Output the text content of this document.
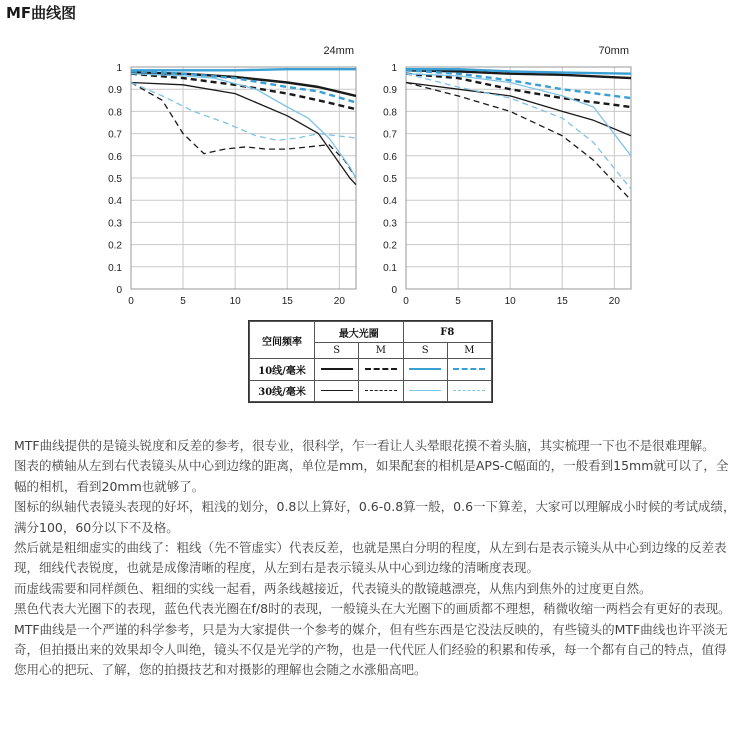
MF曲线图
0
0.1
0.2
0.3
0.4
0.5
0.6
0.7
0.8
0.9
1
0	5	10	15	20
24mm
0
0.1
0.2
0.3
0.4
0.5
0.6
0.7
0.8
0.9
1
0	5	10	15	20
70mm
空间频率	最大光圈		F8	
	S	M	S	M
10线/毫米				
30线/毫米				

MTF曲线提供的是镜头锐度和反差的参考，很专业，很科学，乍一看让人头晕眼花摸不着头脑，其实梳理一下也不是很难理解。

图表的横轴从左到右代表镜头从中心到边缘的距离，单位是mm，如果配套的相机是APS-C幅面的，一般看到15mm就可以了，全幅的相机，看到20mm也就够了。

图标的纵轴代表镜头表现的好坏，粗浅的划分，0.8以上算好，0.6-0.8算一般，0.6一下算差，大家可以理解成小时候的考试成绩，满分100，60分以下不及格。

然后就是粗细虚实的曲线了：粗线（先不管虚实）代表反差，也就是黑白分明的程度，从左到右是表示镜头从中心到边缘的反差表现，细线代表锐度，也就是成像清晰的程度，从左到右是表示镜头从中心到边缘的清晰度表现。

而虚线需要和同样颜色、粗细的实线一起看，两条线越接近，代表镜头的散镜越漂亮，从焦内到焦外的过度更自然。

黑色代表大光圈下的表现，蓝色代表光圈在f/8时的表现，一般镜头在大光圈下的画质都不理想，稍微收缩一两档会有更好的表现。

MTF曲线是一个严谨的科学参考，只是为大家提供一个参考的媒介，但有些东西是它没法反映的，有些镜头的MTF曲线也许平淡无奇，但拍摄出来的效果却令人叫绝，镜头不仅是光学的产物，也是一代代匠人们经验的积累和传承，每一个都有自己的特点，值得您用心的把玩、了解，您的拍摄技艺和对摄影的理解也会随之水涨船高吧。
